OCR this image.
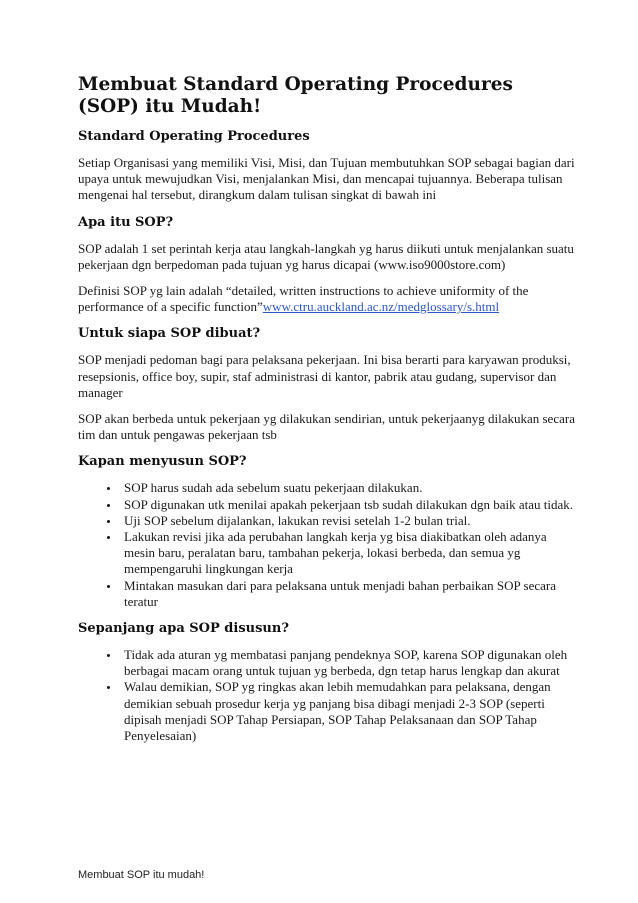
Membuat Standard Operating Procedures (SOP) itu Mudah!
Standard Operating Procedures

Setiap Organisasi yang memiliki Visi, Misi, dan Tujuan membutuhkan SOP sebagai bagian dari upaya untuk mewujudkan Visi, menjalankan Misi, dan mencapai tujuannya. Beberapa tulisan mengenai hal tersebut, dirangkum dalam tulisan singkat di bawah ini

Apa itu SOP?

SOP adalah 1 set perintah kerja atau langkah-langkah yg harus diikuti untuk menjalankan suatu pekerjaan dgn berpedoman pada tujuan yg harus dicapai (www.iso9000store.com)

Definisi SOP yg lain adalah “detailed, written instructions to achieve uniformity of the performance of a specific function”www.ctru.auckland.ac.nz/medglossary/s.html

Untuk siapa SOP dibuat?

SOP menjadi pedoman bagi para pelaksana pekerjaan. Ini bisa berarti para karyawan produksi, resepsionis, office boy, supir, staf administrasi di kantor, pabrik atau gudang, supervisor dan manager

SOP akan berbeda untuk pekerjaan yg dilakukan sendirian, untuk pekerjaanyg dilakukan secara tim dan untuk pengawas pekerjaan tsb

Kapan menyusun SOP?
• SOP harus sudah ada sebelum suatu pekerjaan dilakukan.
• SOP digunakan utk menilai apakah pekerjaan tsb sudah dilakukan dgn baik atau tidak.
• Uji SOP sebelum dijalankan, lakukan revisi setelah 1-2 bulan trial.
• Lakukan revisi jika ada perubahan langkah kerja yg bisa diakibatkan oleh adanya mesin baru, peralatan baru, tambahan pekerja, lokasi berbeda, dan semua yg mempengaruhi lingkungan kerja
• Mintakan masukan dari para pelaksana untuk menjadi bahan perbaikan SOP secara teratur
Sepanjang apa SOP disusun?
• Tidak ada aturan yg membatasi panjang pendeknya SOP, karena SOP digunakan oleh berbagai macam orang untuk tujuan yg berbeda, dgn tetap harus lengkap dan akurat
• Walau demikian, SOP yg ringkas akan lebih memudahkan para pelaksana, dengan demikian sebuah prosedur kerja yg panjang bisa dibagi menjadi 2-3 SOP (seperti dipisah menjadi SOP Tahap Persiapan, SOP Tahap Pelaksanaan dan SOP Tahap Penyelesaian)
Membuat SOP itu mudah!
